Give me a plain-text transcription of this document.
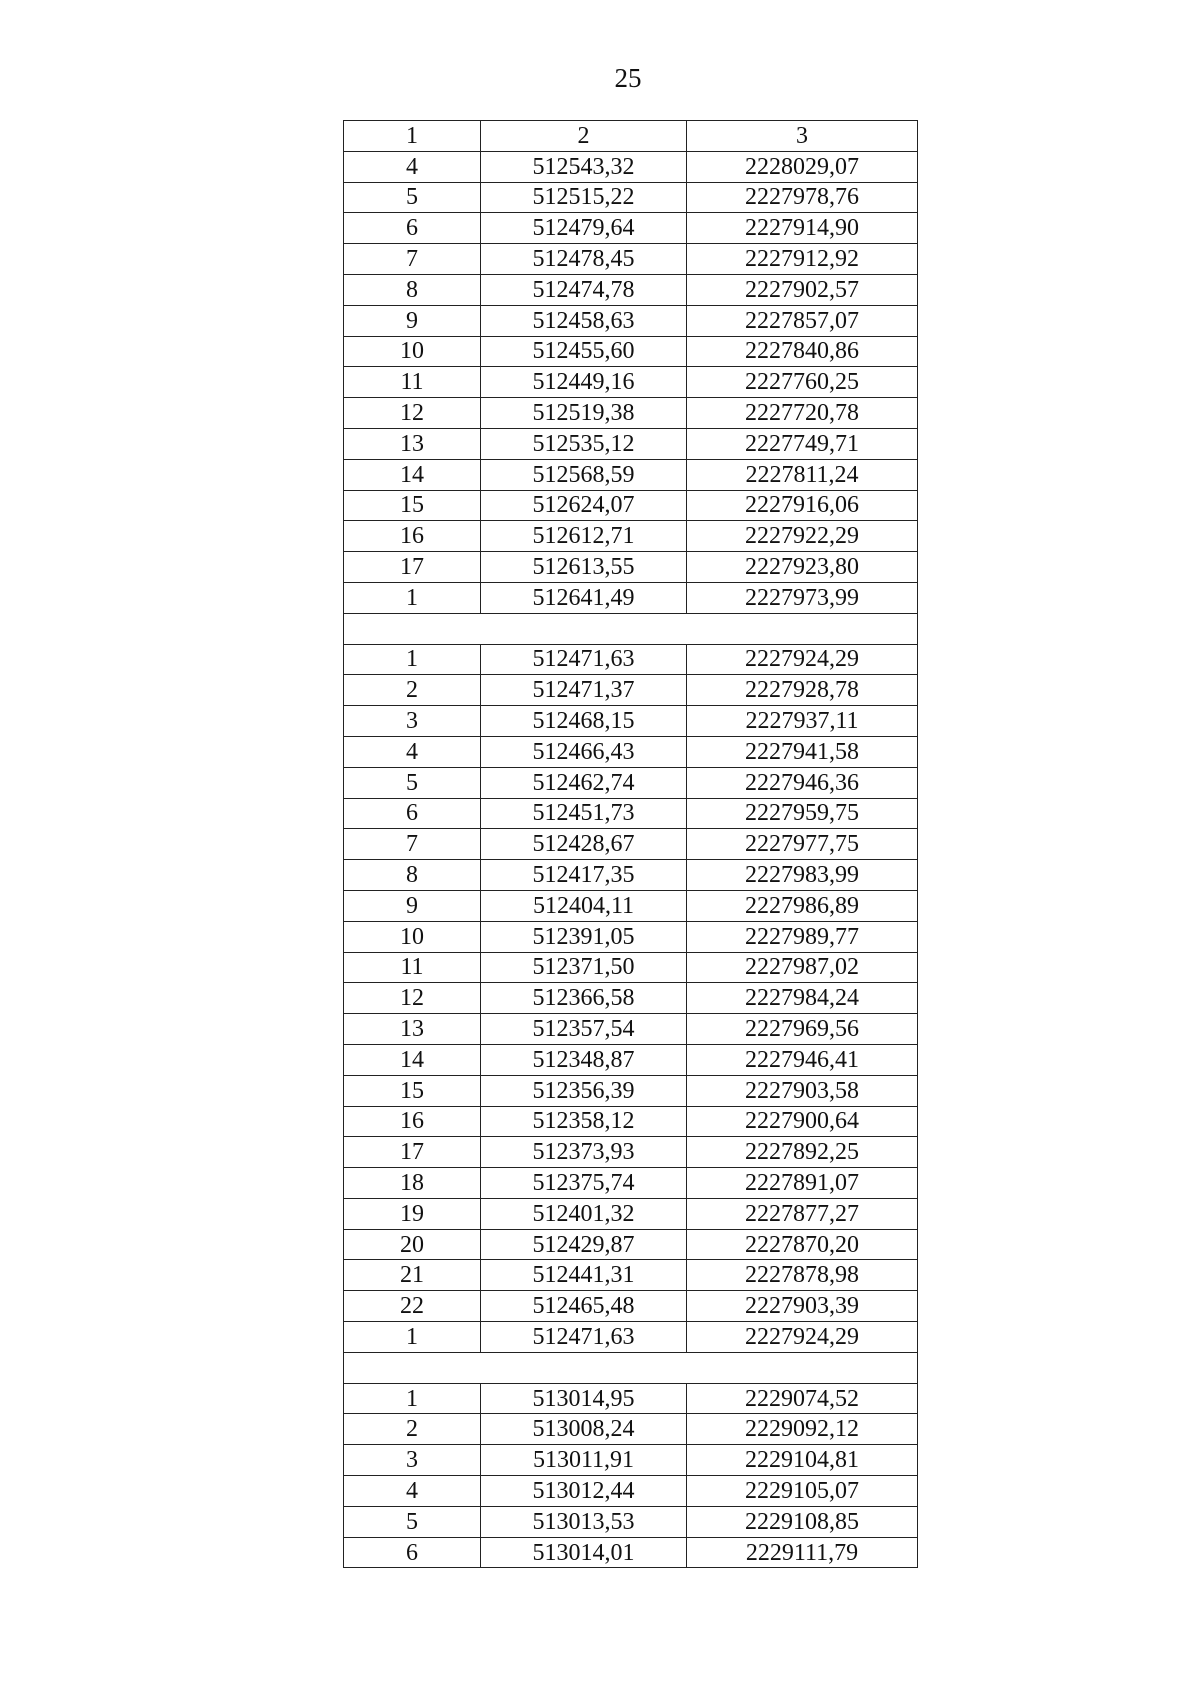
25
1	2	3
4	512543,32	2228029,07
5	512515,22	2227978,76
6	512479,64	2227914,90
7	512478,45	2227912,92
8	512474,78	2227902,57
9	512458,63	2227857,07
10	512455,60	2227840,86
11	512449,16	2227760,25
12	512519,38	2227720,78
13	512535,12	2227749,71
14	512568,59	2227811,24
15	512624,07	2227916,06
16	512612,71	2227922,29
17	512613,55	2227923,80
1	512641,49	2227973,99

1	512471,63	2227924,29
2	512471,37	2227928,78
3	512468,15	2227937,11
4	512466,43	2227941,58
5	512462,74	2227946,36
6	512451,73	2227959,75
7	512428,67	2227977,75
8	512417,35	2227983,99
9	512404,11	2227986,89
10	512391,05	2227989,77
11	512371,50	2227987,02
12	512366,58	2227984,24
13	512357,54	2227969,56
14	512348,87	2227946,41
15	512356,39	2227903,58
16	512358,12	2227900,64
17	512373,93	2227892,25
18	512375,74	2227891,07
19	512401,32	2227877,27
20	512429,87	2227870,20
21	512441,31	2227878,98
22	512465,48	2227903,39
1	512471,63	2227924,29

1	513014,95	2229074,52
2	513008,24	2229092,12
3	513011,91	2229104,81
4	513012,44	2229105,07
5	513013,53	2229108,85
6	513014,01	2229111,79
